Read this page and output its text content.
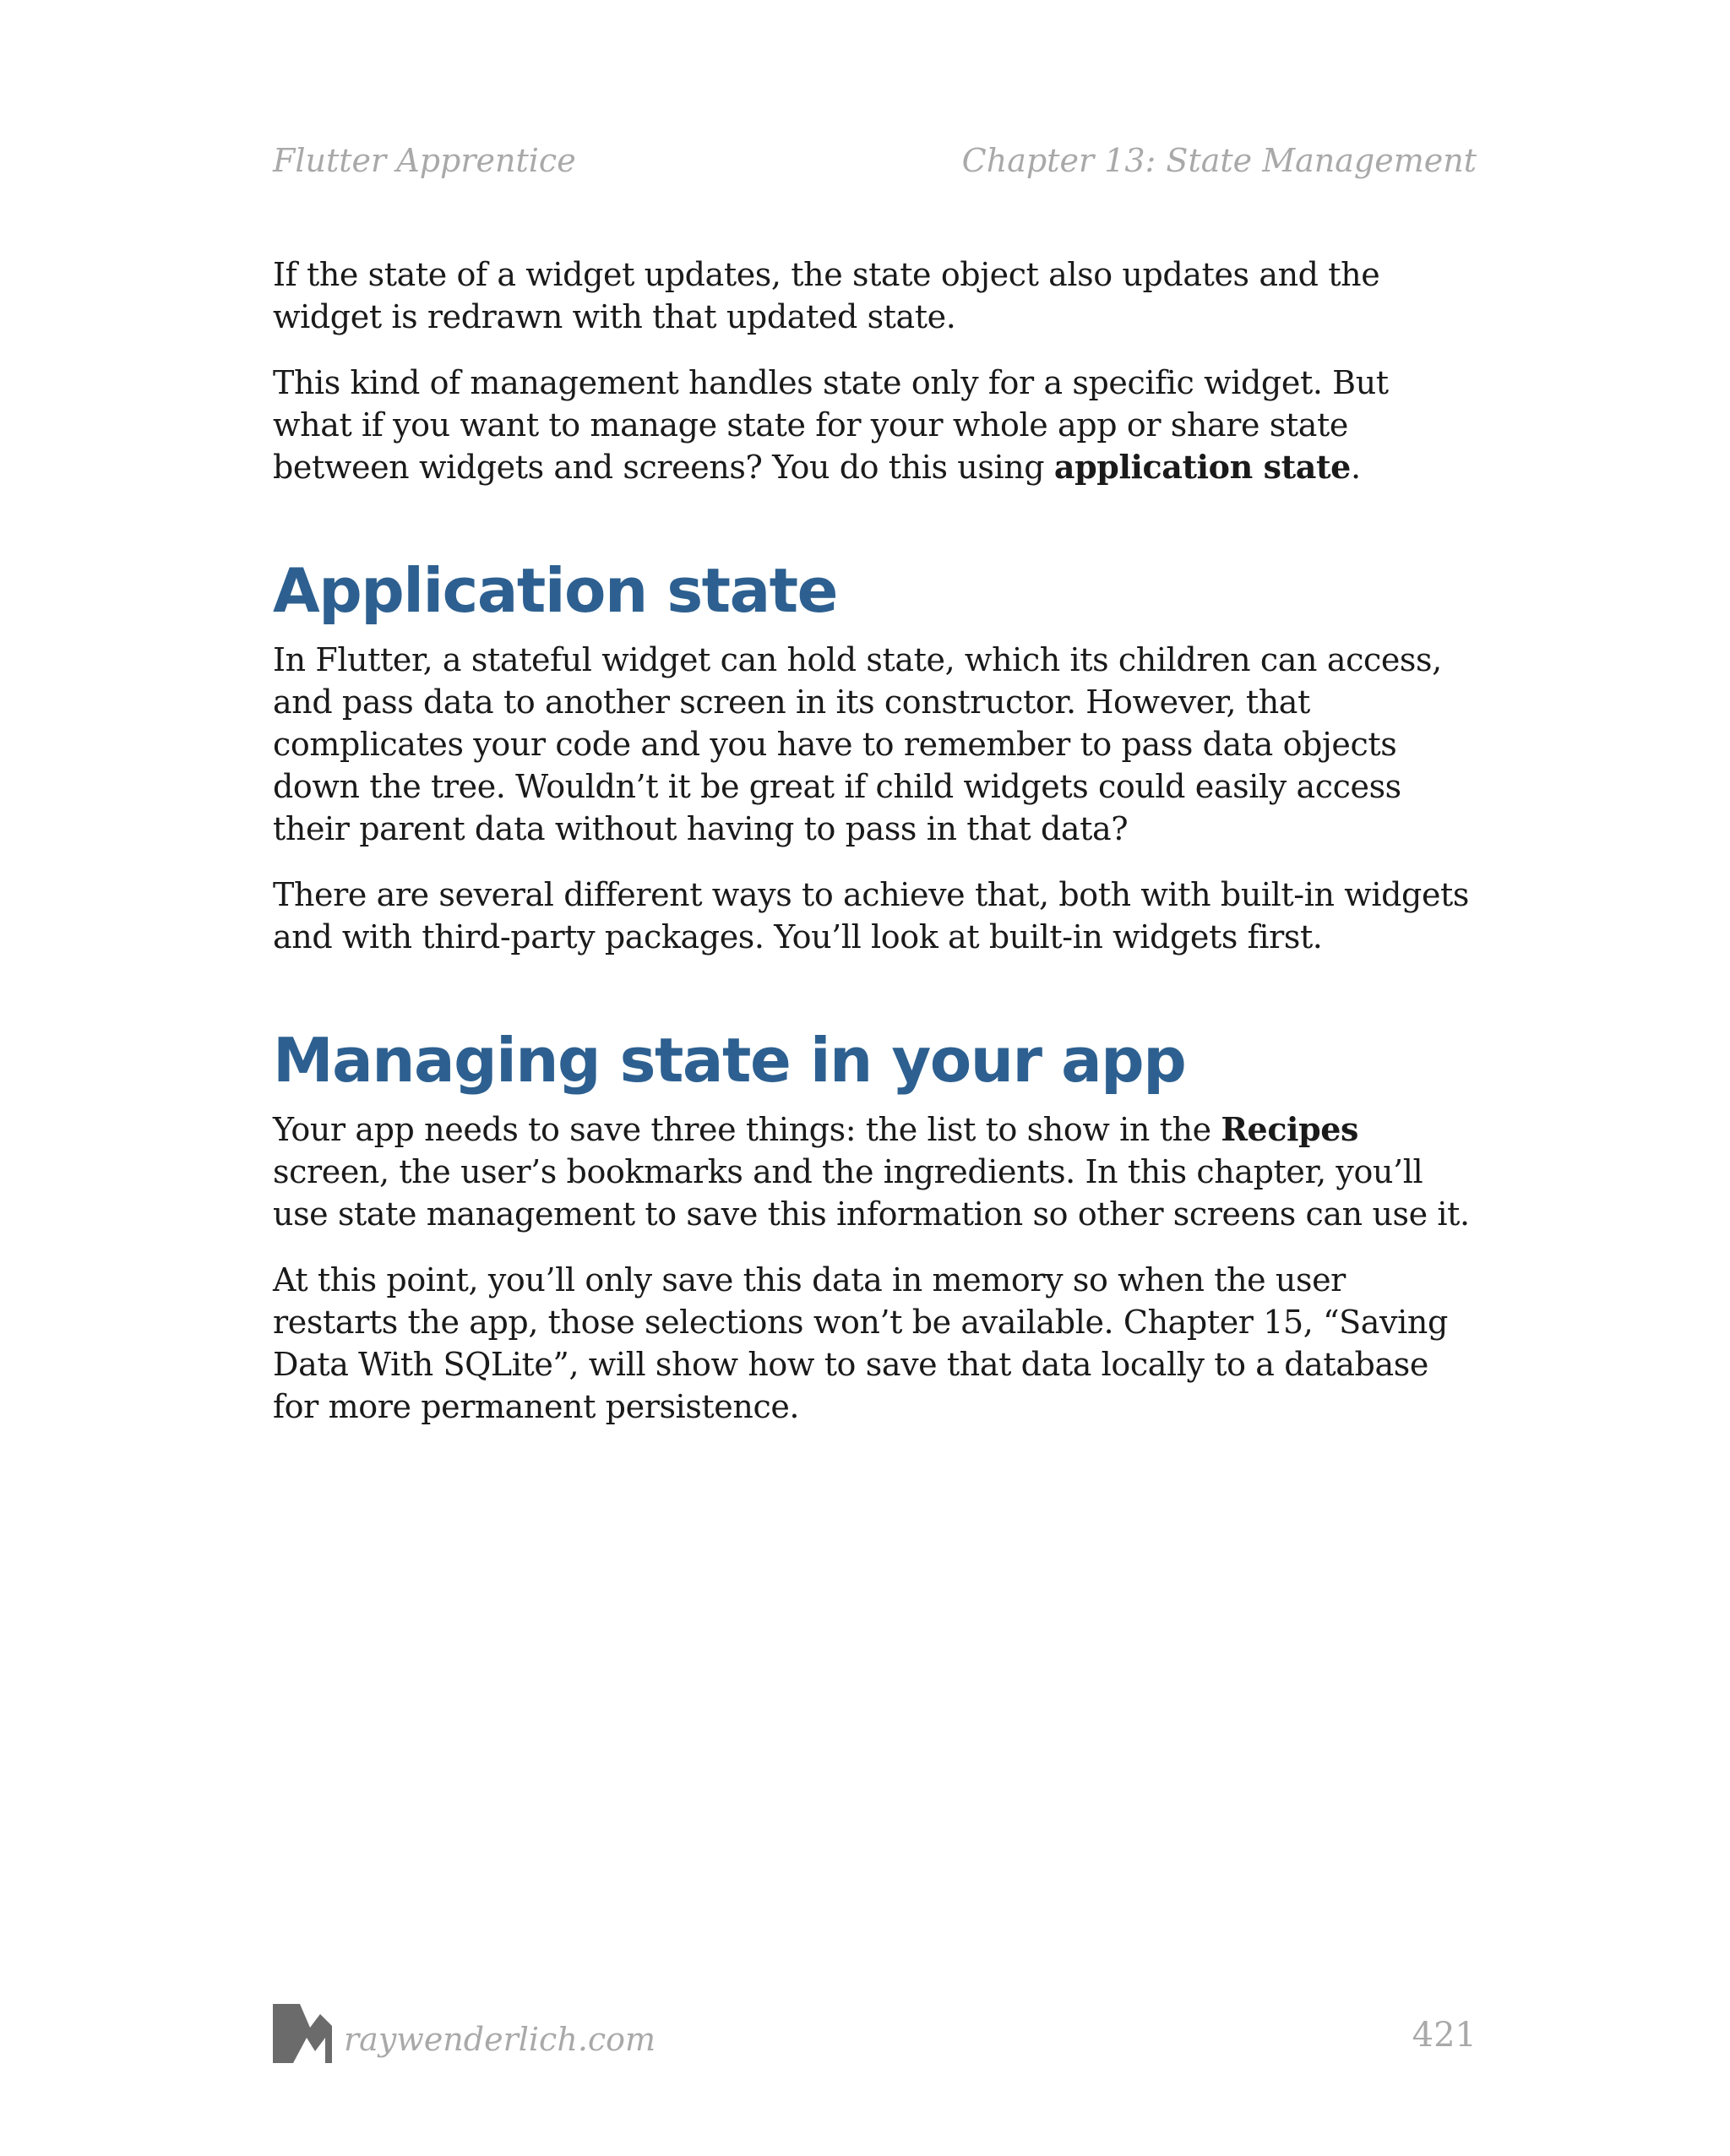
Flutter Apprentice	Chapter 13: State Management

If the state of a widget updates, the state object also updates and the widget is redrawn with that updated state.

This kind of management handles state only for a specific widget. But what if you want to manage state for your whole app or share state between widgets and screens? You do this using application state.

Application state

In Flutter, a stateful widget can hold state, which its children can access, and pass data to another screen in its constructor. However, that complicates your code and you have to remember to pass data objects down the tree. Wouldn’t it be great if child widgets could easily access their parent data without having to pass in that data?

There are several different ways to achieve that, both with built-in widgets and with third-party packages. You’ll look at built-in widgets first.

Managing state in your app

Your app needs to save three things: the list to show in the Recipes screen, the user’s bookmarks and the ingredients. In this chapter, you’ll use state management to save this information so other screens can use it.

At this point, you’ll only save this data in memory so when the user restarts the app, those selections won’t be available. Chapter 15, “Saving Data With SQLite”, will show how to save that data locally to a database for more permanent persistence.

raywenderlich.com	421
